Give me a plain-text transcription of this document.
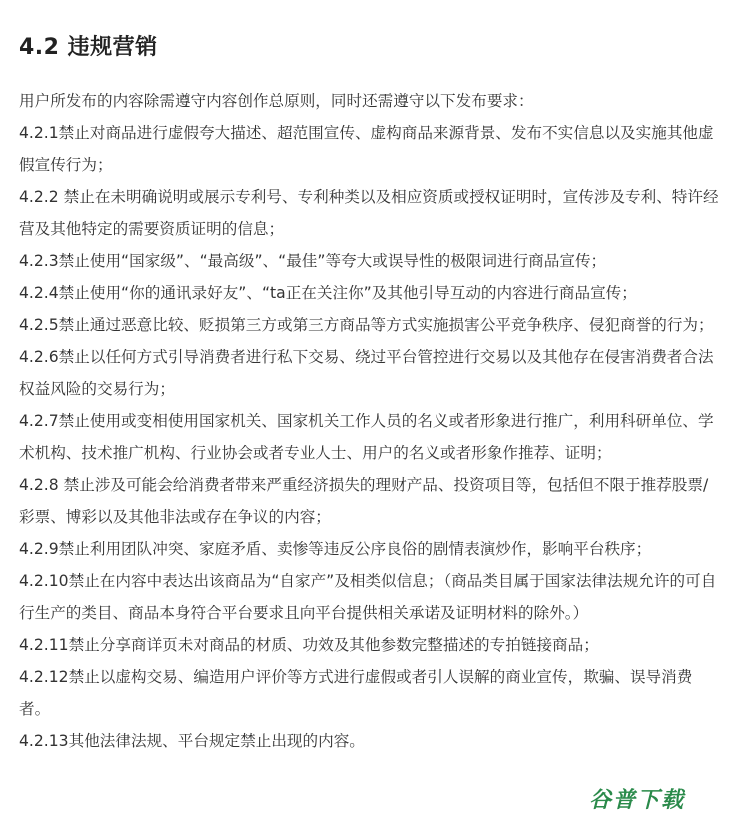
4.2 违规营销

用户所发布的内容除需遵守内容创作总原则，同时还需遵守以下发布要求：

4.2.1禁止对商品进行虚假夸大描述、超范围宣传、虚构商品来源背景、发布不实信息以及实施其他虚假宣传行为；

4.2.2 禁止在未明确说明或展示专利号、专利种类以及相应资质或授权证明时，宣传涉及专利、特许经营及其他特定的需要资质证明的信息；

4.2.3禁止使用“国家级”、“最高级”、“最佳”等夸大或误导性的极限词进行商品宣传；

4.2.4禁止使用“你的通讯录好友”、“ta正在关注你”及其他引导互动的内容进行商品宣传；

4.2.5禁止通过恶意比较、贬损第三方或第三方商品等方式实施损害公平竞争秩序、侵犯商誉的行为；

4.2.6禁止以任何方式引导消费者进行私下交易、绕过平台管控进行交易以及其他存在侵害消费者合法权益风险的交易行为；

4.2.7禁止使用或变相使用国家机关、国家机关工作人员的名义或者形象进行推广，利用科研单位、学术机构、技术推广机构、行业协会或者专业人士、用户的名义或者形象作推荐、证明；

4.2.8 禁止涉及可能会给消费者带来严重经济损失的理财产品、投资项目等，包括但不限于推荐股票/彩票、博彩以及其他非法或存在争议的内容；

4.2.9禁止利用团队冲突、家庭矛盾、卖惨等违反公序良俗的剧情表演炒作，影响平台秩序；

4.2.10禁止在内容中表达出该商品为“自家产”及相类似信息；（商品类目属于国家法律法规允许的可自行生产的类目、商品本身符合平台要求且向平台提供相关承诺及证明材料的除外。）

4.2.11禁止分享商详页未对商品的材质、功效及其他参数完整描述的专拍链接商品；

4.2.12禁止以虚构交易、编造用户评价等方式进行虚假或者引人误解的商业宣传，欺骗、误导消费者。

4.2.13其他法律法规、平台规定禁止出现的内容。

谷普下载
